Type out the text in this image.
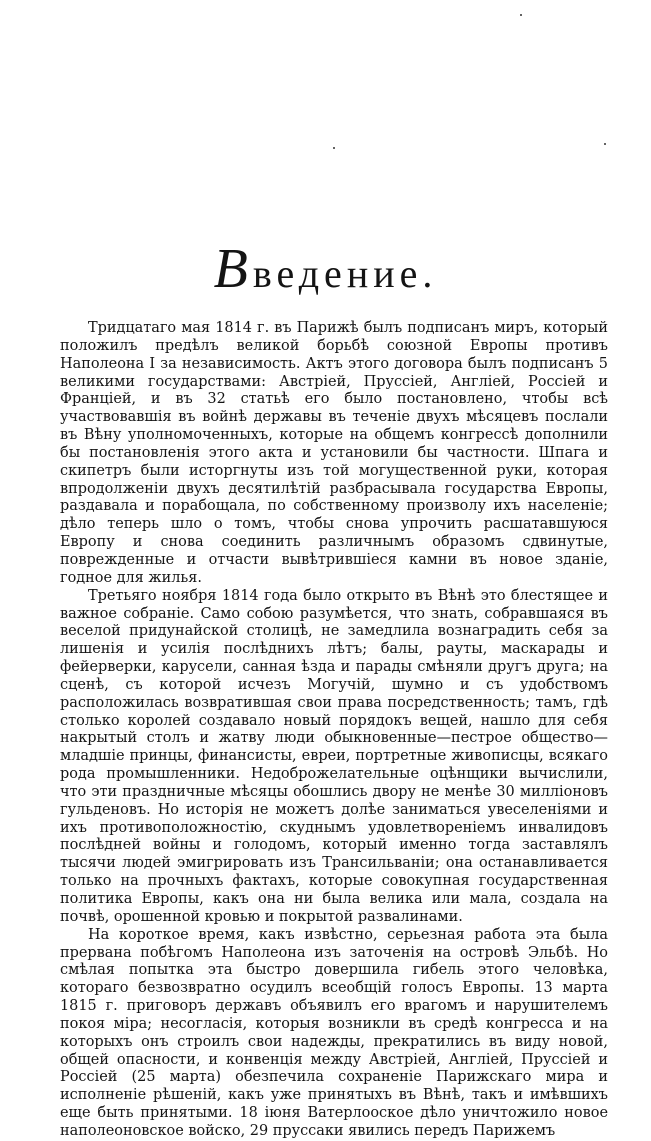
Введение.

Тридцатаго мая 1814 г. въ Парижѣ былъ подписанъ миръ, который положилъ предѣлъ великой борьбѣ союзной Европы противъ Наполеона I за независимость. Актъ этого договора былъ подписанъ 5 великими государствами: Австріей, Пруссіей, Англіей, Россіей и Франціей, и въ 32 статьѣ его было постановлено, чтобы всѣ участвовавшія въ войнѣ державы въ теченіе двухъ мѣсяцевъ послали въ Вѣну уполномоченныхъ, которые на общемъ конгрессѣ дополнили бы постановленія этого акта и установили бы частности. Шпага и скипетръ были исторгнуты изъ той могущественной руки, которая впродолженіи двухъ десятилѣтій разбрасывала государства Европы, раздавала и порабощала, по собственному произволу ихъ населеніе; дѣло теперь шло о томъ, чтобы снова упрочить расшатавшуюся Европу и снова соединить различнымъ образомъ сдвинутые, поврежденные и отчасти вывѣтрившіеся камни въ новое зданіе, годное для жилья.

Третьяго ноября 1814 года было открыто въ Вѣнѣ это блестящее и важное собраніе. Само собою разумѣется, что знать, собравшаяся въ веселой придунайской столицѣ, не замедлила вознаградить себя за лишенія и усилія послѣднихъ лѣтъ; балы, рауты, маскарады и фейерверки, карусели, санная ѣзда и парады смѣняли другъ друга; на сценѣ, съ которой исчезъ Могучій, шумно и съ удобствомъ расположилась возвратившая свои права посредственность; тамъ, гдѣ столько королей создавало новый порядокъ вещей, нашло для себя накрытый столъ и жатву люди обыкновенные—пестрое общество—младшіе принцы, финансисты, евреи, портретные живописцы, всякаго рода промышленники. Недоброжелательные оцѣнщики вычислили, что эти праздничные мѣсяцы обошлись двору не менѣе 30 милліоновъ гульденовъ. Но исторія не можетъ долѣе заниматься увеселеніями и ихъ противоположностію, скуднымъ удовлетвореніемъ инвалидовъ послѣдней войны и голодомъ, который именно тогда заставлялъ тысячи людей эмигрировать изъ Трансильваніи; она останавливается только на прочныхъ фактахъ, которые совокупная государственная политика Европы, какъ она ни была велика или мала, создала на почвѣ, орошенной кровью и покрытой развалинами.

На короткое время, какъ извѣстно, серьезная работа эта была прервана побѣгомъ Наполеона изъ заточенія на островѣ Эльбѣ. Но смѣлая попытка эта быстро довершила гибель этого человѣка, котораго безвозвратно осудилъ всеобщій голосъ Европы. 13 марта 1815 г. приговоръ державъ объявилъ его врагомъ и нарушителемъ покоя міра; несогласія, которыя возникли въ средѣ конгресса и на которыхъ онъ строилъ свои надежды, прекратились въ виду новой, общей опасности, и конвенція между Австріей, Англіей, Пруссіей и Россіей (25 марта) обезпечила сохраненіе Парижскаго мира и исполненіе рѣшеній, какъ уже принятыхъ въ Вѣнѣ, такъ и имѣвшихъ еще быть принятыми. 18 іюня Ватерлооское дѣло уничтожило новое наполеоновское войско, 29 пруссаки явились передъ Парижемъ
